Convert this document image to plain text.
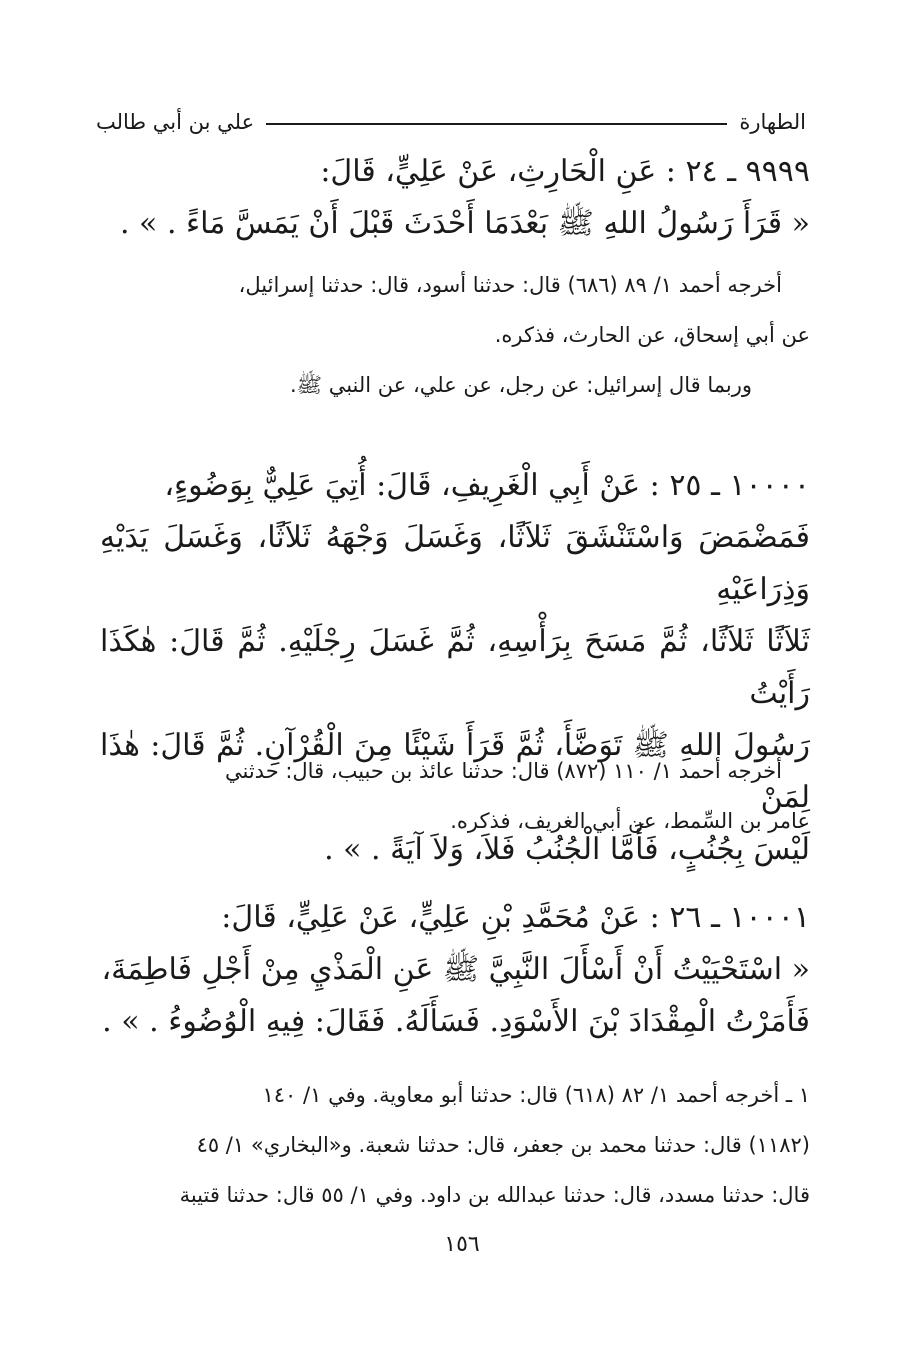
الطهارة
علي بن أبي طالب

٩٩٩٩ ـ ٢٤ : عَنِ الْحَارِثِ، عَنْ عَلِيٍّ، قَالَ:

« قَرَأَ رَسُولُ اللهِ ﷺ بَعْدَمَا أَحْدَثَ قَبْلَ أَنْ يَمَسَّ مَاءً . » .

أخرجه أحمد ١/ ٨٩ (٦٨٦) قال: حدثنا أسود، قال: حدثنا إسرائيل،

عن أبي إسحاق، عن الحارث، فذكره.

وربما قال إسرائيل: عن رجل، عن علي، عن النبي ﷺ.

١٠٠٠٠ ـ ٢٥ : عَنْ أَبِي الْغَرِيفِ، قَالَ: أُتِيَ عَلِيٌّ بِوَضُوءٍ،

فَمَضْمَضَ وَاسْتَنْشَقَ ثَلاَثًا، وَغَسَلَ وَجْهَهُ ثَلاَثًا، وَغَسَلَ يَدَيْهِ وَذِرَاعَيْهِ

ثَلاَثًا ثَلاَثًا، ثُمَّ مَسَحَ بِرَأْسِهِ، ثُمَّ غَسَلَ رِجْلَيْهِ. ثُمَّ قَالَ: هٰكَذَا رَأَيْتُ

رَسُولَ اللهِ ﷺ تَوَضَّأَ، ثُمَّ قَرَأَ شَيْئًا مِنَ الْقُرْآنِ. ثُمَّ قَالَ: هٰذَا لِمَنْ

لَيْسَ بِجُنُبٍ، فَأَمَّا الْجُنُبُ فَلاَ، وَلاَ آيَةً . » .

أخرجه أحمد ١/ ١١٠ (٨٧٢) قال: حدثنا عائذ بن حبيب، قال: حدثني

عامر بن السِّمط، عن أبي الغريف، فذكره.

١٠٠٠١ ـ ٢٦ : عَنْ مُحَمَّدِ بْنِ عَلِيٍّ، عَنْ عَلِيٍّ، قَالَ:

« اسْتَحْيَيْتُ أَنْ أَسْأَلَ النَّبِيَّ ﷺ عَنِ الْمَذْيِ مِنْ أَجْلِ فَاطِمَةَ،

فَأَمَرْتُ الْمِقْدَادَ بْنَ الأَسْوَدِ. فَسَأَلَهُ. فَقَالَ: فِيهِ الْوُضُوءُ . » .

١ ـ أخرجه أحمد ١/ ٨٢ (٦١٨) قال: حدثنا أبو معاوية. وفي ١/ ١٤٠

(١١٨٢) قال: حدثنا محمد بن جعفر، قال: حدثنا شعبة. و«البخاري» ١/ ٤٥

قال: حدثنا مسدد، قال: حدثنا عبدالله بن داود. وفي ١/ ٥٥ قال: حدثنا قتيبة

١٥٦
